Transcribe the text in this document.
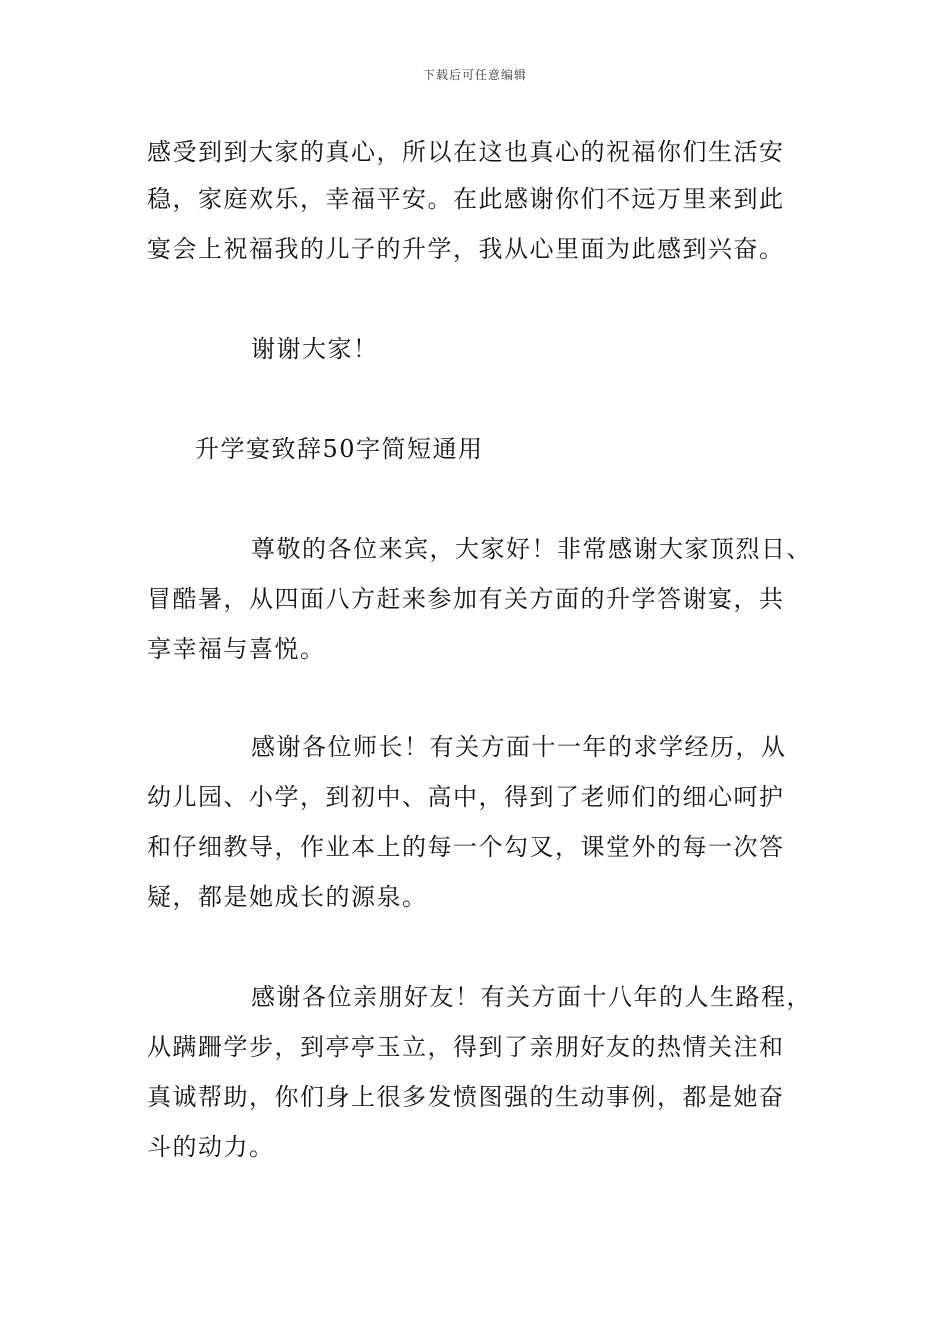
下载后可任意编辑
感受到到大家的真心，所以在这也真心的祝福你们生活安
稳，家庭欢乐，幸福平安。在此感谢你们不远万里来到此
宴会上祝福我的儿子的升学，我从心里面为此感到兴奋。
谢谢大家！
升学宴致辞50字简短通用
尊敬的各位来宾，大家好！非常感谢大家顶烈日、
冒酷暑，从四面八方赶来参加有关方面的升学答谢宴，共
享幸福与喜悦。
感谢各位师长！有关方面十一年的求学经历，从
幼儿园、小学，到初中、高中，得到了老师们的细心呵护
和仔细教导，作业本上的每一个勾叉，课堂外的每一次答
疑，都是她成长的源泉。
感谢各位亲朋好友！有关方面十八年的人生路程，
从蹒跚学步，到亭亭玉立，得到了亲朋好友的热情关注和
真诚帮助，你们身上很多发愤图强的生动事例，都是她奋
斗的动力。
